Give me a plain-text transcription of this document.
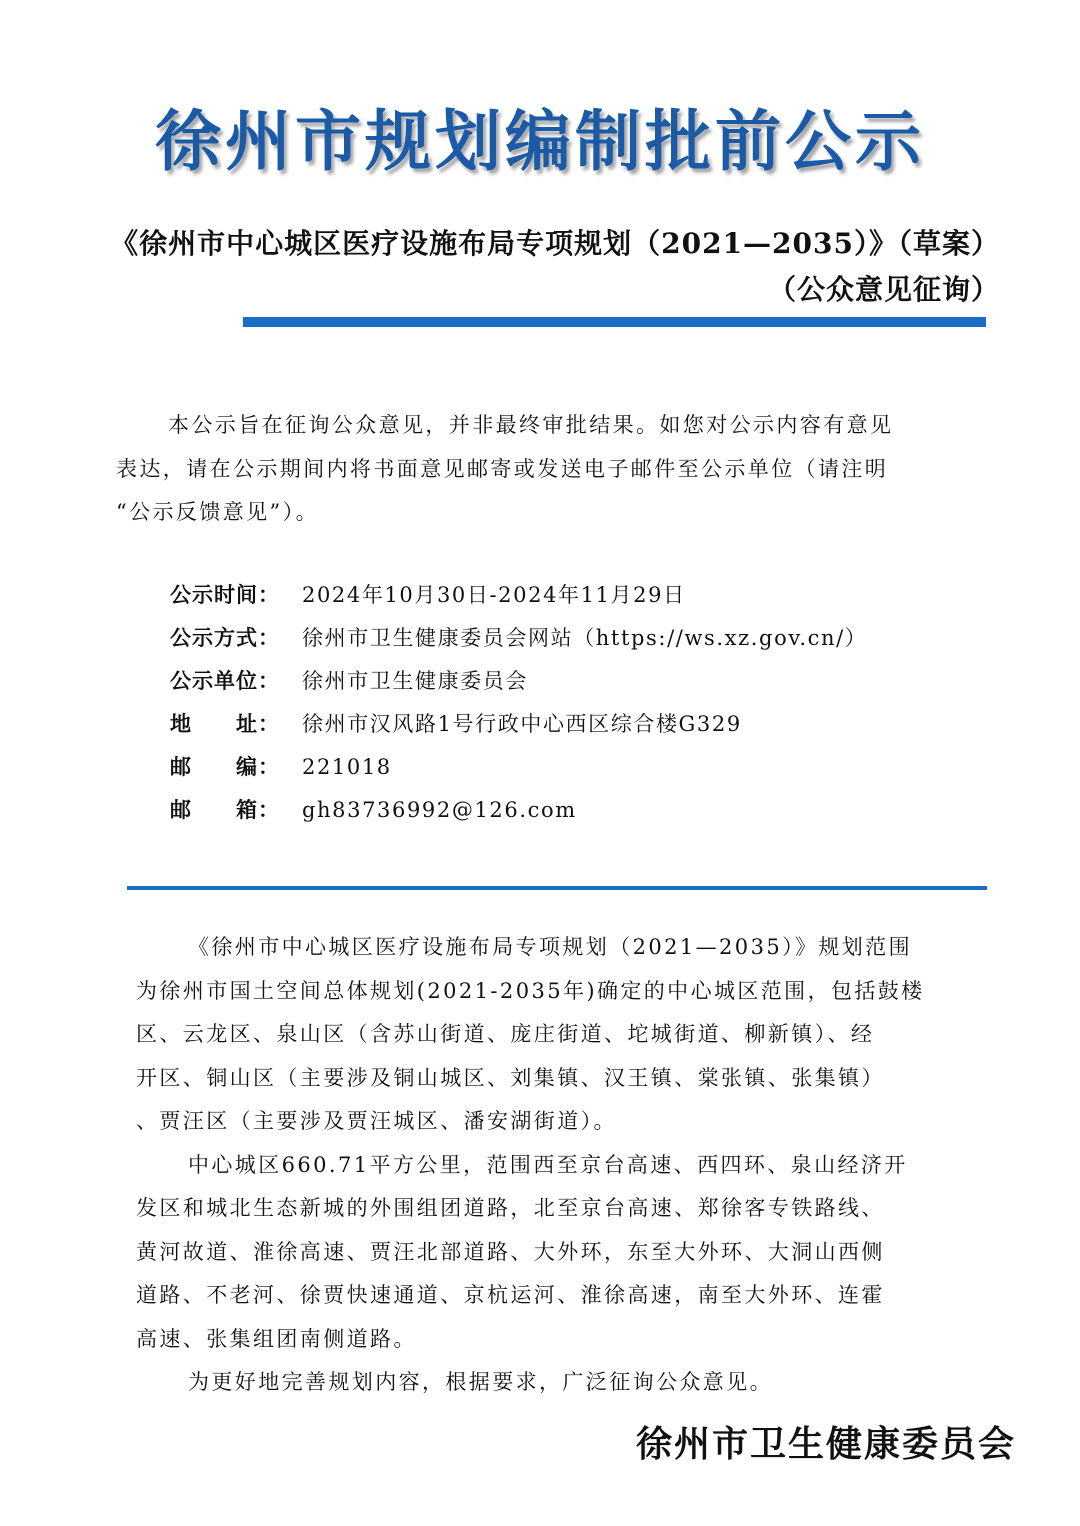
徐州市规划编制批前公示
《徐州市中心城区医疗设施布局专项规划（2021—2035）》（草案）
（公众意见征询）
本公示旨在征询公众意见，并非最终审批结果。如您对公示内容有意见
表达，请在公示期间内将书面意见邮寄或发送电子邮件至公示单位（请注明
“公示反馈意见”）。
公示时间： 2024年10月30日-2024年11月29日
公示方式： 徐州市卫生健康委员会网站（https://ws.xz.gov.cn/）
公示单位： 徐州市卫生健康委员会
地　　址： 徐州市汉风路1号行政中心西区综合楼G329
邮　　编： 221018
邮　　箱： gh83736992@126.com
《徐州市中心城区医疗设施布局专项规划（2021—2035）》规划范围
为徐州市国土空间总体规划(2021-2035年)确定的中心城区范围，包括鼓楼
区、云龙区、泉山区（含苏山街道、庞庄街道、坨城街道、柳新镇）、经
开区、铜山区（主要涉及铜山城区、刘集镇、汉王镇、棠张镇、张集镇）
、贾汪区（主要涉及贾汪城区、潘安湖街道）。
中心城区660.71平方公里，范围西至京台高速、西四环、泉山经济开
发区和城北生态新城的外围组团道路，北至京台高速、郑徐客专铁路线、
黄河故道、淮徐高速、贾汪北部道路、大外环，东至大外环、大洞山西侧
道路、不老河、徐贾快速通道、京杭运河、淮徐高速，南至大外环、连霍
高速、张集组团南侧道路。
为更好地完善规划内容，根据要求，广泛征询公众意见。
徐州市卫生健康委员会
